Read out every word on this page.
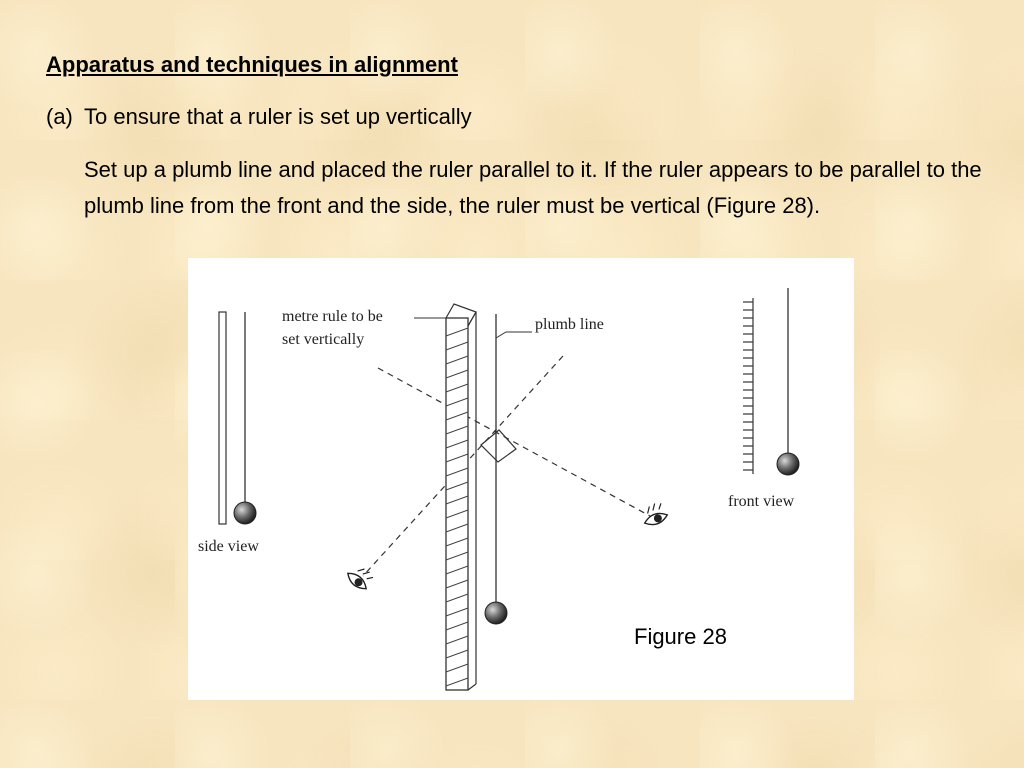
Apparatus and techniques in alignment
(a) To ensure that a ruler is set up vertically
Set up a plumb line and placed the ruler parallel to it. If the ruler appears to be parallel to the plumb line from the front and the side, the ruler must be vertical (Figure 28).
side view
metre rule to be
set vertically
plumb line
front view
Figure 28
